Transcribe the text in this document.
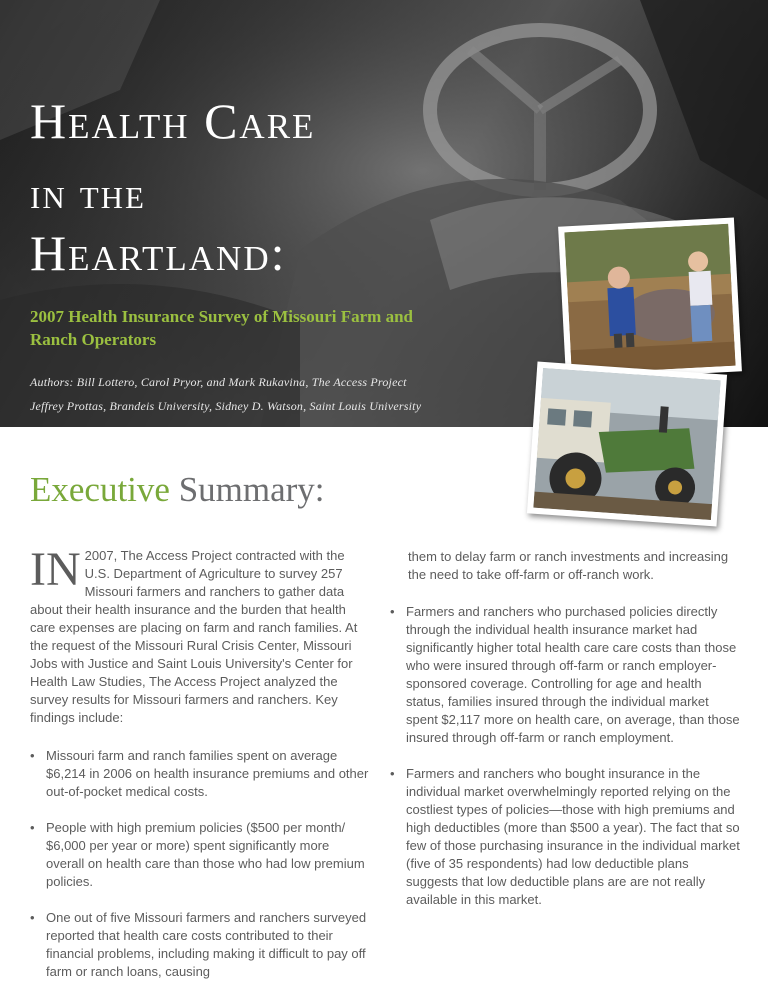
Health Care
in the
Heartland:
2007 Health Insurance Survey of Missouri Farm and Ranch Operators
Authors: Bill Lottero, Carol Pryor, and Mark Rukavina, The Access Project
Jeffrey Prottas, Brandeis University, Sidney D. Watson, Saint Louis University
Executive Summary:
IN 2007, The Access Project contracted with the U.S. Department of Agriculture to survey 257 Missouri farmers and ranchers to gather data about their health insurance and the burden that health care expenses are placing on farm and ranch families. At the request of the Missouri Rural Crisis Center, Missouri Jobs with Justice and Saint Louis University's Center for Health Law Studies, The Access Project analyzed the survey results for Missouri farmers and ranchers. Key findings include:
• Missouri farm and ranch families spent on average $6,214 in 2006 on health insurance premiums and other out-of-pocket medical costs.
• People with high premium policies ($500 per month/ $6,000 per year or more) spent significantly more overall on health care than those who had low premium policies.
• One out of five Missouri farmers and ranchers surveyed reported that health care costs contributed to their financial problems, including making it difficult to pay off farm or ranch loans, causing
them to delay farm or ranch investments and increasing the need to take off-farm or off-ranch work.
• Farmers and ranchers who purchased policies directly through the individual health insurance market had significantly higher total health care care costs than those who were insured through off-farm or ranch employer-sponsored coverage. Controlling for age and health status, families insured through the individual market spent $2,117 more on health care, on average, than those insured through off-farm or ranch employment.
• Farmers and ranchers who bought insurance in the individual market overwhelmingly reported relying on the costliest types of policies—those with high premiums and high deductibles (more than $500 a year). The fact that so few of those purchasing insurance in the individual market (five of 35 respondents) had low deductible plans suggests that low deductible plans are are not really available in this market.
